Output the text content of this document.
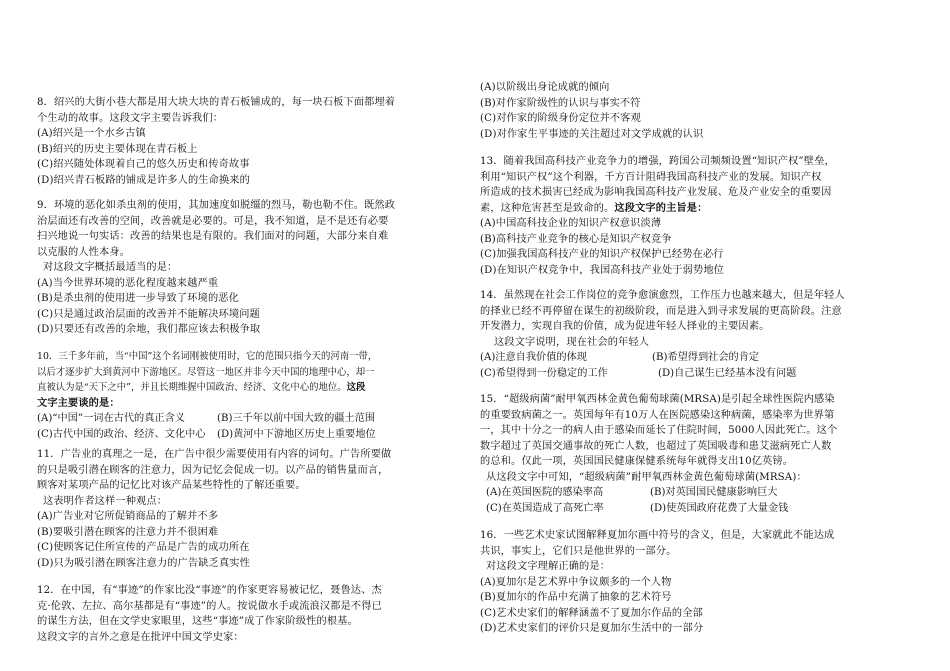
8．绍兴的大街小巷大都是用大块大块的青石板铺成的，每一块石板下面都埋着
个生动的故事。这段文字主要告诉我们：
(A)绍兴是一个水乡古镇
(B)绍兴的历史主要体现在青石板上
(C)绍兴随处体现着自己的悠久历史和传奇故事
(D)绍兴青石板路的铺成是许多人的生命换来的
9．环境的恶化如杀虫剂的使用，其加速度如脱缰的烈马，勒也勒不住。既然政
治层面还有改善的空间，改善就是必要的。可是，我不知道，是不是还有必要
扫兴地说一句实话：改善的结果也是有限的。我们面对的问题，大部分来自难
以克服的人性本身。
对这段文字概括最适当的是：
(A)当今世界环境的恶化程度越来越严重
(B)是杀虫剂的使用进一步导致了环境的恶化
(C)只是通过政治层面的改善并不能解决环境问题
(D)只要还有改善的余地，我们都应该去积极争取
10．三千多年前，当“中国”这个名词刚被使用时，它的范围只指今天的河南一带，
以后才逐步扩大到黄河中下游地区。尽管这一地区并非今天中国的地理中心，却一
直被认为是“天下之中”，并且长期维握中国政治、经济、文化中心的地位。这段
文字主要谈的是：
(A)“中国”一词在古代的真正含义	(B)三千年以前中国大致的疆土范围
(C)古代中国的政治、经济、文化中心	(D)黄河中下游地区历史上重要地位
11．广告业的真理之一是，在广告中很少需要使用有内容的词句。广告所要做
的只是吸引潜在顾客的注意力，因为记忆会促成一切。以产品的销售量而言，
顾客对某项产品的记忆比对该产品某些特性的了解还重要。
这表明作者这样一种观点：
(A)广告业对它所促销商品的了解并不多
(B)要吸引潜在顾客的注意力并不很困难
(C)使顾客记住所宣传的产品是广告的成功所在
(D)只为吸引潜在顾客注意力的广告缺乏真实性
12．在中国，有“事迹”的作家比没“事迹”的作家更容易被记忆，聂鲁达、杰
克·伦敦、左拉、高尔基都是有“事迹”的人。按说做水手或流浪汉都是不得已
的谋生方法，但在文学史家眼里，这些“事迹”成了作家阶级性的根基。
这段文字的言外之意是在批评中国文学史家：
(A)以阶级出身论成就的倾向
(B)对作家阶级性的认识与事实不符
(C)对作家的阶级身份定位并不客观
(D)对作家生平事迹的关注超过对文学成就的认识
13．随着我国高科技产业竞争力的增强，跨国公司频频设置“知识产权”壁垒，
利用“知识产权”这个利器，千方百计阻碍我国高科技产业的发展。知识产权
所造成的技术损害已经成为影响我国高科技产业发展、危及产业安全的重要因
素，这种危害甚至是致命的。这段文字的主旨是：
(A)中国高科技企业的知识产权意识淡薄
(B)高科技产业竞争的核心是知识产权竞争
(C)加强我国高科技产业的知识产权保护已经势在必行
(D)在知识产权竞争中，我国高科技产业处于弱势地位
14．虽然现在社会工作岗位的竞争愈演愈烈，工作压力也越来越大，但是年轻人
的择业已经不再停留在谋生的初级阶段，而是进入到寻求发展的更高阶段。注意
开发潜力，实现自我的价值，成为促进年轻人择业的主要因素。
这段文字说明，现在社会的年轻人
(A)注意自我价值的体现	(B)希望得到社会的肯定
(C)希望得到一份稳定的工作	(D)自己谋生已经基本没有问题
15．“超级病菌”耐甲氧西林金黄色葡萄球菌(MRSA)是引起全球性医院内感染
的重要致病菌之一。英国每年有10万人在医院感染这种病菌，感染率为世界第
一，其中十分之一的病人由于感染而延长了住院时间，5000人因此死亡。这个
数字超过了英国交通事故的死亡人数，也超过了英国吸毒和患艾滋病死亡人数
的总和。仅此一项，英国国民健康保健系统每年就得支出10亿英镑。
从这段文字中可知，“超级病菌”耐甲氧西林金黄色葡萄球菌(MRSA)：
(A)在英国医院的感染率高	(B)对英国国民健康影响巨大
(C)在英国造成了高死亡率	(D)使英国政府花费了大量金钱
16．一些艺术史家试图解释夏加尔画中符号的含义，但是，大家就此不能达成
共识，事实上，它们只是他世界的一部分。
对这段文字理解正确的是：
(A)夏加尔是艺术界中争议颇多的一个人物
(B)夏加尔的作品中充满了抽象的艺术符号
(C)艺术史家们的解释涵盖不了夏加尔作品的全部
(D)艺术史家们的评价只是夏加尔生活中的一部分
